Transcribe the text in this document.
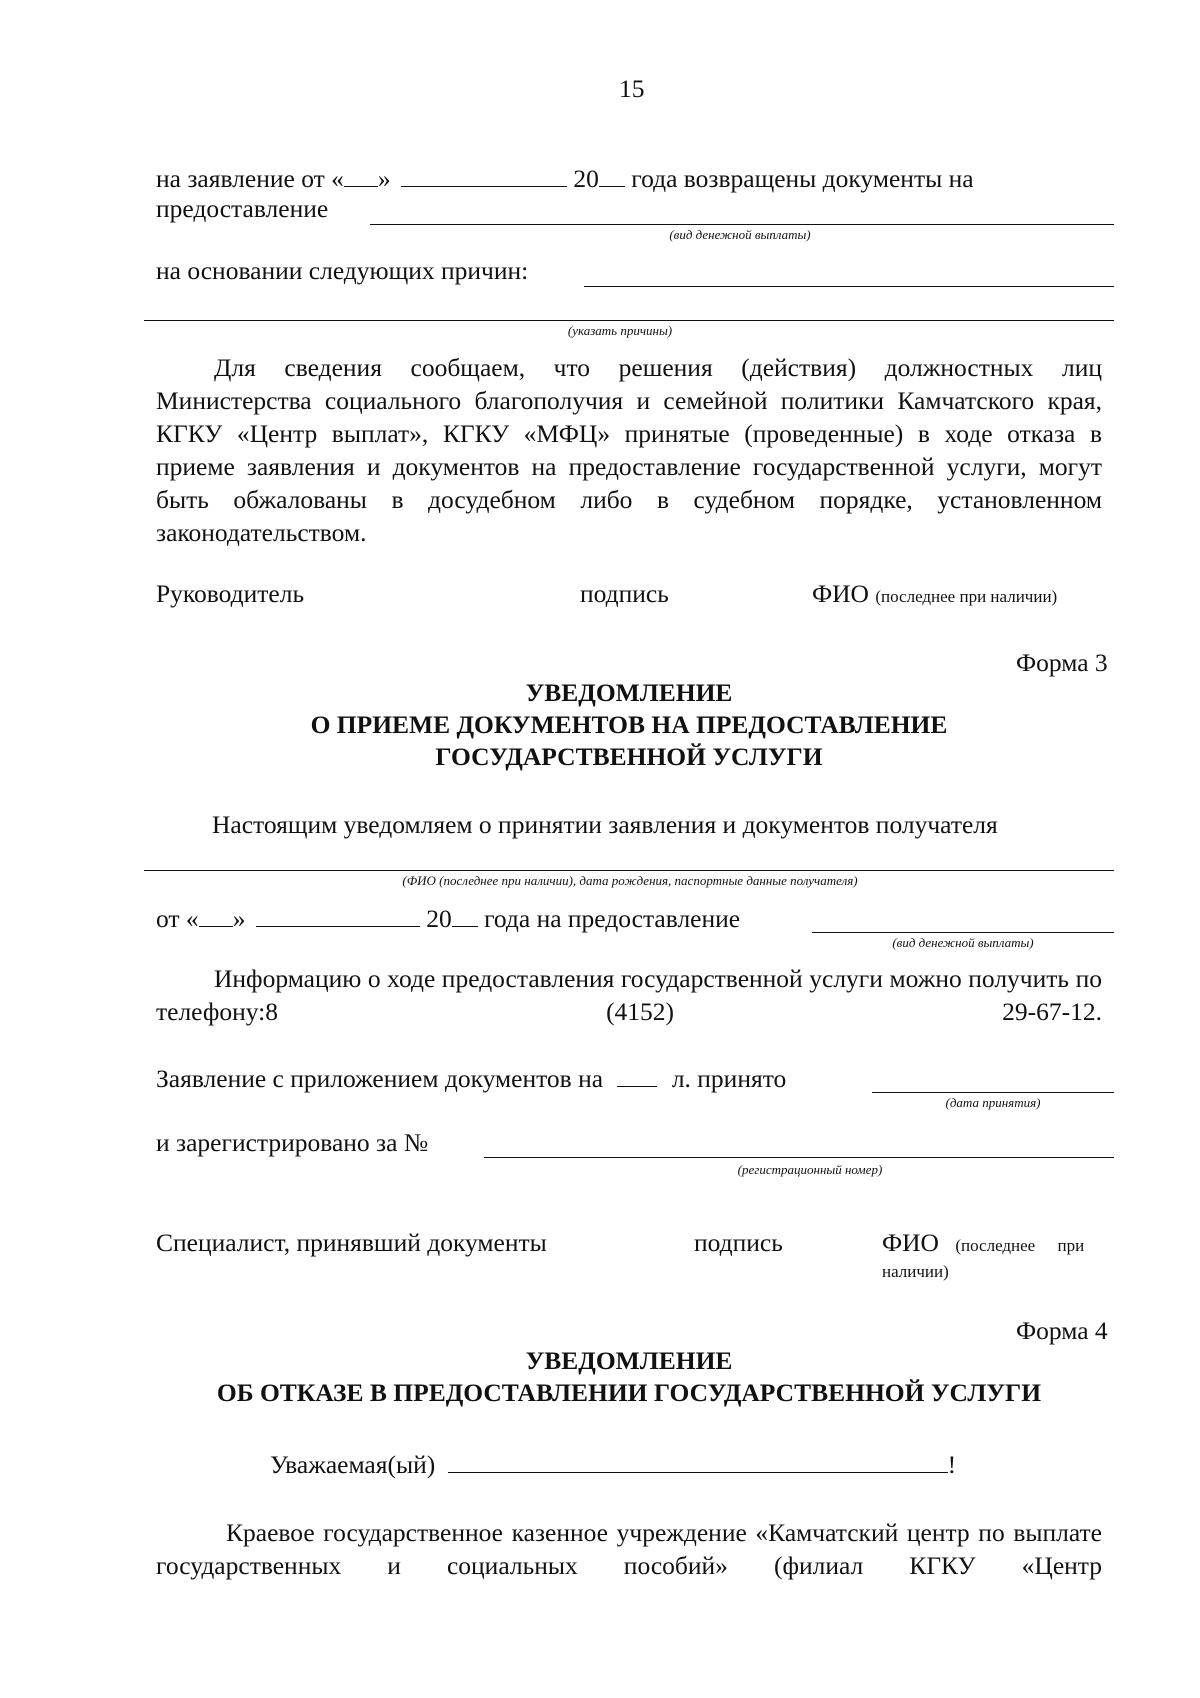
15
на заявление от « »	20 года возвращены документы на
предоставление
(вид денежной выплаты)
на основании следующих причин:
(указать причины)
Для сведения сообщаем, что решения (действия) должностных лиц Министерства социального благополучия и семейной политики Камчатского края, КГКУ «Центр выплат», КГКУ «МФЦ» принятые (проведенные) в ходе отказа в приеме заявления и документов на предоставление государственной услуги, могут быть обжалованы в досудебном либо в судебном порядке, установленном законодательством.
Руководитель	подпись	ФИО (последнее при наличии)
Форма 3
УВЕДОМЛЕНИЕ
О ПРИЕМЕ ДОКУМЕНТОВ НА ПРЕДОСТАВЛЕНИЕ
ГОСУДАРСТВЕННОЙ УСЛУГИ
Настоящим уведомляем о принятии заявления и документов получателя
(ФИО (последнее при наличии), дата рождения, паспортные данные получателя)
от « »	20 года на предоставление
(вид денежной выплаты)
Информацию о ходе предоставления государственной услуги можно получить по телефону:8 (4152) 29-67-12.
Заявление с приложением документов на	л. принято
(дата принятия)
и зарегистрировано за №
(регистрационный номер)
Специалист, принявший документы	подпись	ФИО (последнее при
наличии)
Форма 4
УВЕДОМЛЕНИЕ
ОБ ОТКАЗЕ В ПРЕДОСТАВЛЕНИИ ГОСУДАРСТВЕННОЙ УСЛУГИ
Уважаемая(ый)	!
Краевое государственное казенное учреждение «Камчатский центр по выплате государственных и социальных пособий» (филиал КГКУ «Центр
